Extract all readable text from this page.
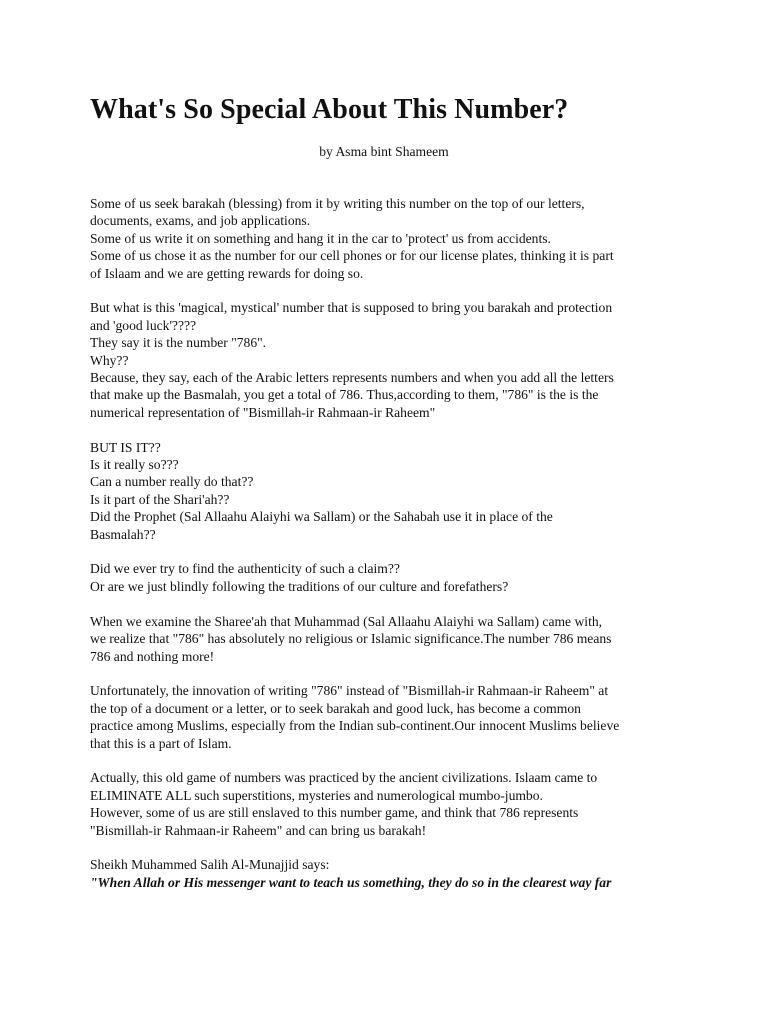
What's So Special About This Number?

by Asma bint Shameem

Some of us seek barakah (blessing) from it by writing this number on the top of our letters,
documents, exams, and job applications.
Some of us write it on something and hang it in the car to 'protect' us from accidents.
Some of us chose it as the number for our cell phones or for our license plates, thinking it is part
of Islaam and we are getting rewards for doing so.
But what is this 'magical, mystical' number that is supposed to bring you barakah and protection
and 'good luck'????
They say it is the number "786".
Why??
Because, they say, each of the Arabic letters represents numbers and when you add all the letters
that make up the Basmalah, you get a total of 786. Thus,according to them, "786" is the is the
numerical representation of "Bismillah-ir Rahmaan-ir Raheem"
BUT IS IT??
Is it really so???
Can a number really do that??
Is it part of the Shari'ah??
Did the Prophet (Sal Allaahu Alaiyhi wa Sallam) or the Sahabah use it in place of the
Basmalah??
Did we ever try to find the authenticity of such a claim??
Or are we just blindly following the traditions of our culture and forefathers?
When we examine the Sharee'ah that Muhammad (Sal Allaahu Alaiyhi wa Sallam) came with,
we realize that "786" has absolutely no religious or Islamic significance.The number 786 means
786 and nothing more!
Unfortunately, the innovation of writing "786" instead of "Bismillah-ir Rahmaan-ir Raheem" at
the top of a document or a letter, or to seek barakah and good luck, has become a common
practice among Muslims, especially from the Indian sub-continent.Our innocent Muslims believe
that this is a part of Islam.
Actually, this old game of numbers was practiced by the ancient civilizations. Islaam came to
ELIMINATE ALL such superstitions, mysteries and numerological mumbo-jumbo.
However, some of us are still enslaved to this number game, and think that 786 represents
"Bismillah-ir Rahmaan-ir Raheem" and can bring us barakah!
Sheikh Muhammed Salih Al-Munajjid says:
"When Allah or His messenger want to teach us something, they do so in the clearest way far
